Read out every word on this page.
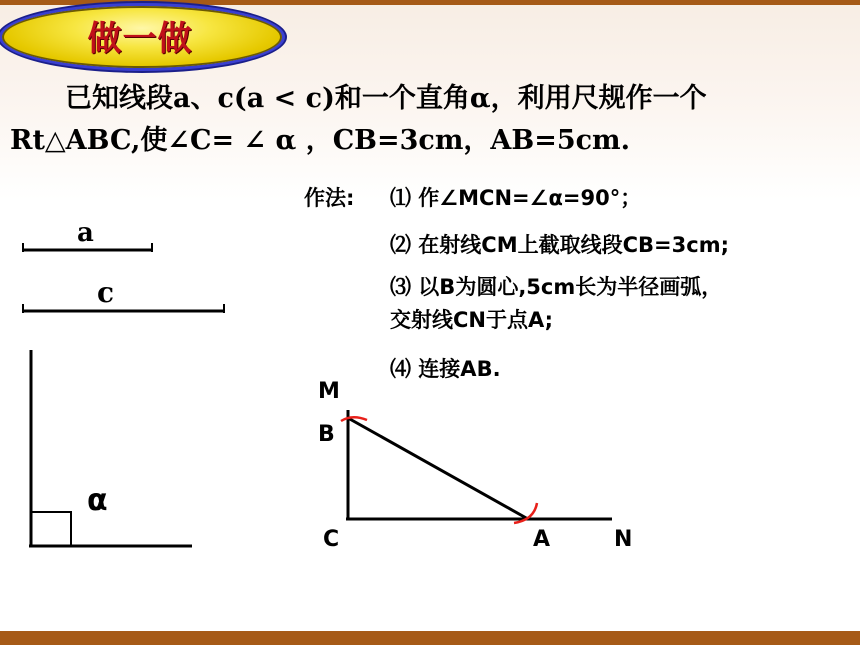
做一做
已知线段a、c(a < c)和一个直角α，利用尺规作一个
Rt△ABC,使∠C= ∠ α ，CB=3cm，AB=5cm.
作法: ⑴ 作∠MCN=∠α=90°；
⑵ 在射线CM上截取线段CB=3cm;
⑶ 以B为圆心,5cm长为半径画弧，
交射线CN于点A;
⑷ 连接AB.
a
c
α
M
B
C	A	N
